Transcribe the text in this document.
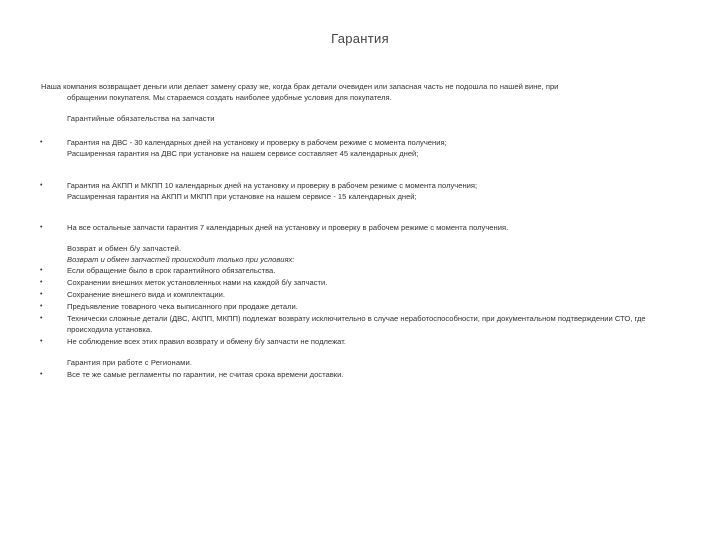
Гарантия
Наша компания возвращает деньги или делает замену сразу же, когда брак детали очевиден или запасная часть не подошла по нашей вине, при
обращении покупателя. Мы стараемся создать наиболее удобные условия для покупателя.
Гарантийные обязательства на запчасти
•	Гарантия на ДВС - 30 календарных дней на установку и проверку в рабочем режиме с момента получения;
Расширенная гарантия на ДВС при установке на нашем сервисе составляет 45 календарных дней;
•	Гарантия на АКПП и МКПП 10 календарных дней на установку и проверку в рабочем режиме с момента получения;
Расширенная гарантия на АКПП и МКПП при установке на нашем сервисе - 15 календарных дней;
•	На все остальные запчасти гарантия 7 календарных дней на установку и проверку в рабочем режиме с момента получения.
Возврат и обмен б/у запчастей.
Возврат и обмен запчастей происходит только при условиях:
•	Если обращение было в срок гарантийного обязательства.
•	Сохранении внешних меток установленных нами на каждой б/у запчасти.
•	Сохранение внешнего вида и комплектации.
•	Предъявление товарного чека выписанного при продаже детали.
•	Технически сложные детали (ДВС, АКПП, МКПП) подлежат возврату исключительно в случае неработоспособности, при документальном подтверждении СТО, где происходила установка.
•	Не соблюдение всех этих правил возврату и обмену б/у запчасти не подлежат.
Гарантия при работе с Регионами.
•	Все те же самые регламенты по гарантии, не считая срока времени доставки.
